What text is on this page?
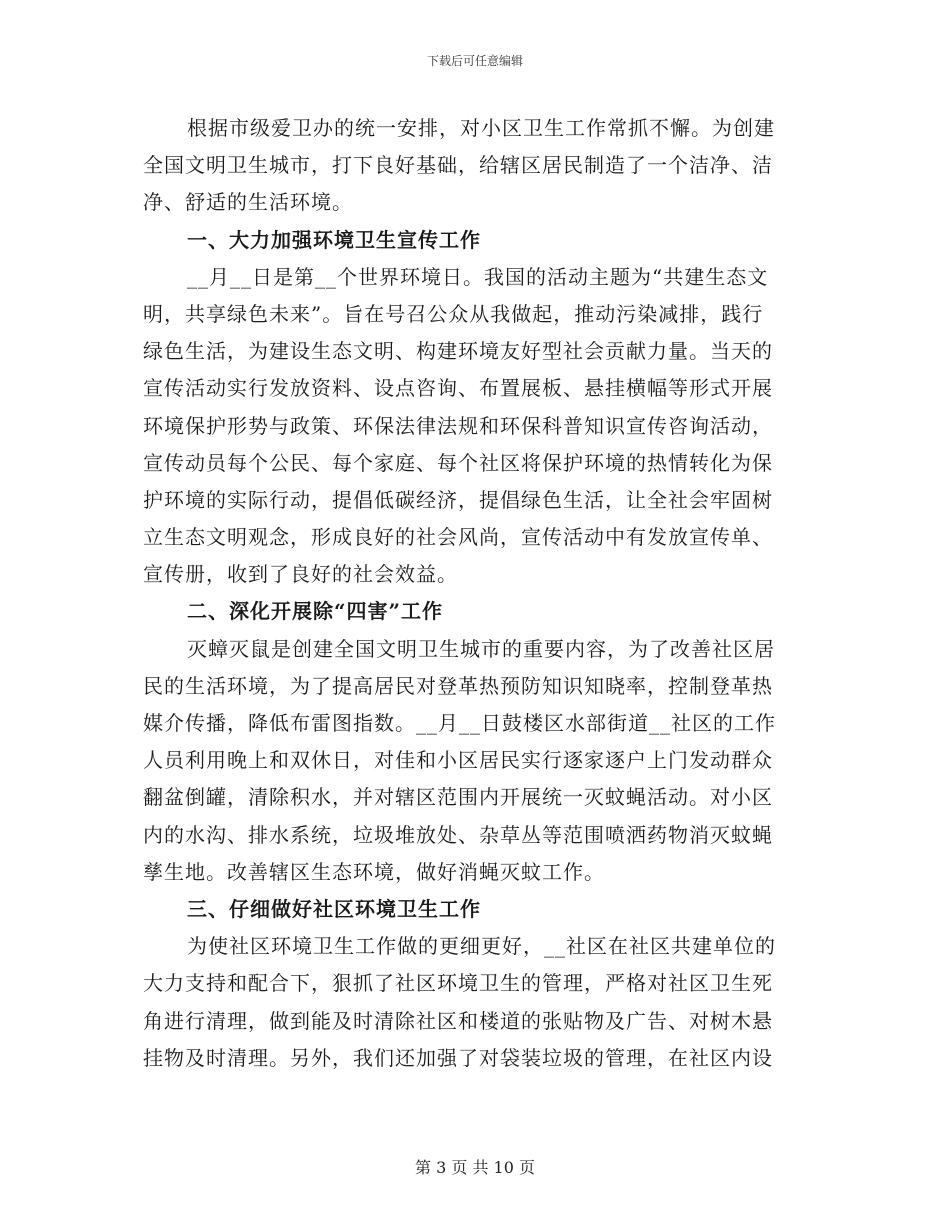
下载后可任意编辑
根据市级爱卫办的统一安排，对小区卫生工作常抓不懈。为创建
全国文明卫生城市，打下良好基础，给辖区居民制造了一个洁净、洁
净、舒适的生活环境。
一、大力加强环境卫生宣传工作
__月__日是第__个世界环境日。我国的活动主题为“共建生态文
明，共享绿色未来”。旨在号召公众从我做起，推动污染减排，践行
绿色生活，为建设生态文明、构建环境友好型社会贡献力量。当天的
宣传活动实行发放资料、设点咨询、布置展板、悬挂横幅等形式开展
环境保护形势与政策、环保法律法规和环保科普知识宣传咨询活动，
宣传动员每个公民、每个家庭、每个社区将保护环境的热情转化为保
护环境的实际行动，提倡低碳经济，提倡绿色生活，让全社会牢固树
立生态文明观念，形成良好的社会风尚，宣传活动中有发放宣传单、
宣传册，收到了良好的社会效益。
二、深化开展除“四害”工作
灭蟑灭鼠是创建全国文明卫生城市的重要内容，为了改善社区居
民的生活环境，为了提高居民对登革热预防知识知晓率，控制登革热
媒介传播，降低布雷图指数。__月__日鼓楼区水部街道__社区的工作
人员利用晚上和双休日，对佳和小区居民实行逐家逐户上门发动群众
翻盆倒罐，清除积水，并对辖区范围内开展统一灭蚊蝇活动。对小区
内的水沟、排水系统，垃圾堆放处、杂草丛等范围喷洒药物消灭蚊蝇
孳生地。改善辖区生态环境，做好消蝇灭蚊工作。
三、仔细做好社区环境卫生工作
为使社区环境卫生工作做的更细更好，__社区在社区共建单位的
大力支持和配合下，狠抓了社区环境卫生的管理，严格对社区卫生死
角进行清理，做到能及时清除社区和楼道的张贴物及广告、对树木悬
挂物及时清理。另外，我们还加强了对袋装垃圾的管理，在社区内设
第 3 页 共 10 页
